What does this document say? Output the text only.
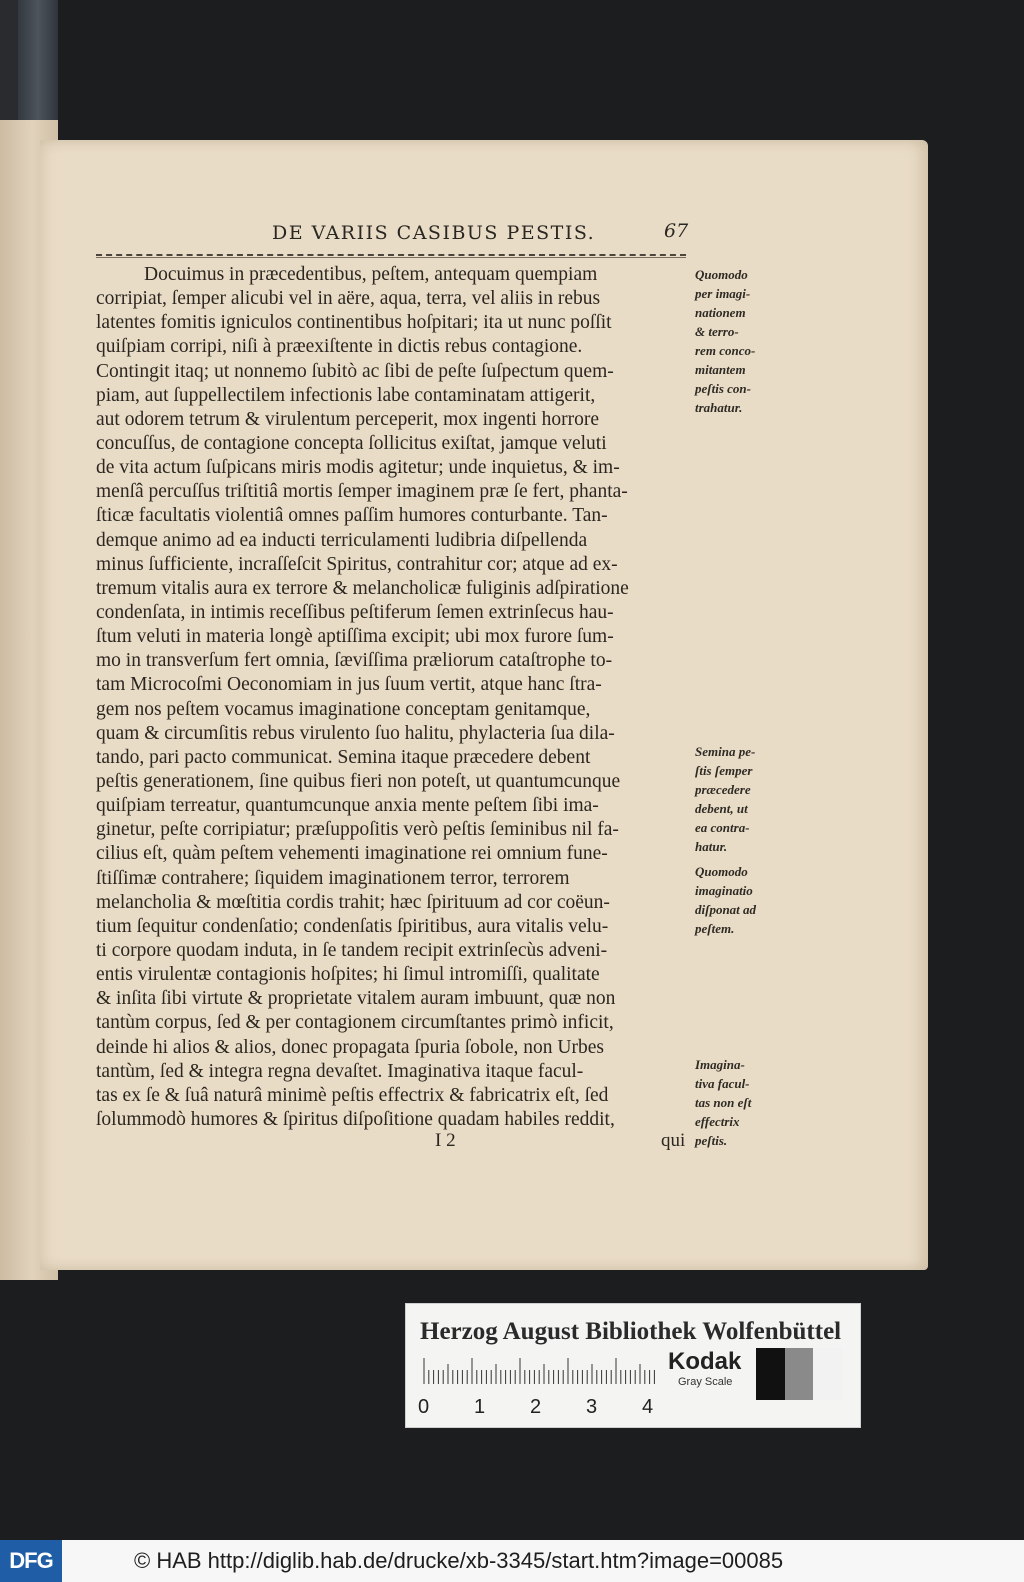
DE VARIIS CASIBUS PESTIS.	67
Docuimus in præcedentibus, peſtem, antequam quempiam
corripiat, ſemper alicubi vel in aëre, aqua, terra, vel aliis in rebus
latentes fomitis igniculos continentibus hoſpitari; ita ut nunc poſſit
quiſpiam corripi, niſi à præexiſtente in dictis rebus contagione.
Contingit itaq; ut nonnemo ſubitò ac ſibi de peſte ſuſpectum quem-
piam, aut ſuppellectilem infectionis labe contaminatam attigerit,
aut odorem tetrum & virulentum perceperit, mox ingenti horrore
concuſſus, de contagione concepta ſollicitus exiſtat, jamque veluti
de vita actum ſuſpicans miris modis agitetur; unde inquietus, & im-
menſâ percuſſus triſtitiâ mortis ſemper imaginem præ ſe fert, phanta-
ſticæ facultatis violentiâ omnes paſſim humores conturbante. Tan-
demque animo ad ea inducti terriculamenti ludibria diſpellenda
minus ſufficiente, incraſſeſcit Spiritus, contrahitur cor; atque ad ex-
tremum vitalis aura ex terrore & melancholicæ fuliginis adſpiratione
condenſata, in intimis receſſibus peſtiferum ſemen extrinſecus hau-
ſtum veluti in materia longè aptiſſima excipit; ubi mox furore ſum-
mo in transverſum fert omnia, ſæviſſima præliorum cataſtrophe to-
tam Microcoſmi Oeconomiam in jus ſuum vertit, atque hanc ſtra-
gem nos peſtem vocamus imaginatione conceptam genitamque,
quam & circumſitis rebus virulento ſuo halitu, phylacteria ſua dila-
tando, pari pacto communicat. Semina itaque præcedere debent
peſtis generationem, ſine quibus fieri non poteſt, ut quantumcunque
quiſpiam terreatur, quantumcunque anxia mente peſtem ſibi ima-
ginetur, peſte corripiatur; præſuppoſitis verò peſtis ſeminibus nil fa-
cilius eſt, quàm peſtem vehementi imaginatione rei omnium fune-
ſtiſſimæ contrahere; ſiquidem imaginationem terror, terrorem
melancholia & mœſtitia cordis trahit; hæc ſpirituum ad cor coëun-
tium ſequitur condenſatio; condenſatis ſpiritibus, aura vitalis velu-
ti corpore quodam induta, in ſe tandem recipit extrinſecùs adveni-
entis virulentæ contagionis hoſpites; hi ſimul intromiſſi, qualitate
& inſita ſibi virtute & proprietate vitalem auram imbuunt, quæ non
tantùm corpus, ſed & per contagionem circumſtantes primò inficit,
deinde hi alios & alios, donec propagata ſpuria ſobole, non Urbes
tantùm, ſed & integra regna devaſtet. Imaginativa itaque facul-
tas ex ſe & ſuâ naturâ minimè peſtis effectrix & fabricatrix eſt, ſed
ſolummodò humores & ſpiritus diſpoſitione quadam habiles reddit,
Quomodo
per imagi-
nationem
& terro-
rem conco-
mitantem
peſtis con-
trahatur.
Semina pe-
ſtis ſemper
præcedere
debent, ut
ea contra-
hatur.
Quomodo
imaginatio
diſponat ad
peſtem.
Imagina-
tiva facul-
tas non eſt
effectrix
peſtis.
I 2	qui
Herzog August Bibliothek Wolfenbüttel
0 1 2 3 4
Kodak
Gray Scale
DFG	© HAB http://diglib.hab.de/drucke/xb-3345/start.htm?image=00085
